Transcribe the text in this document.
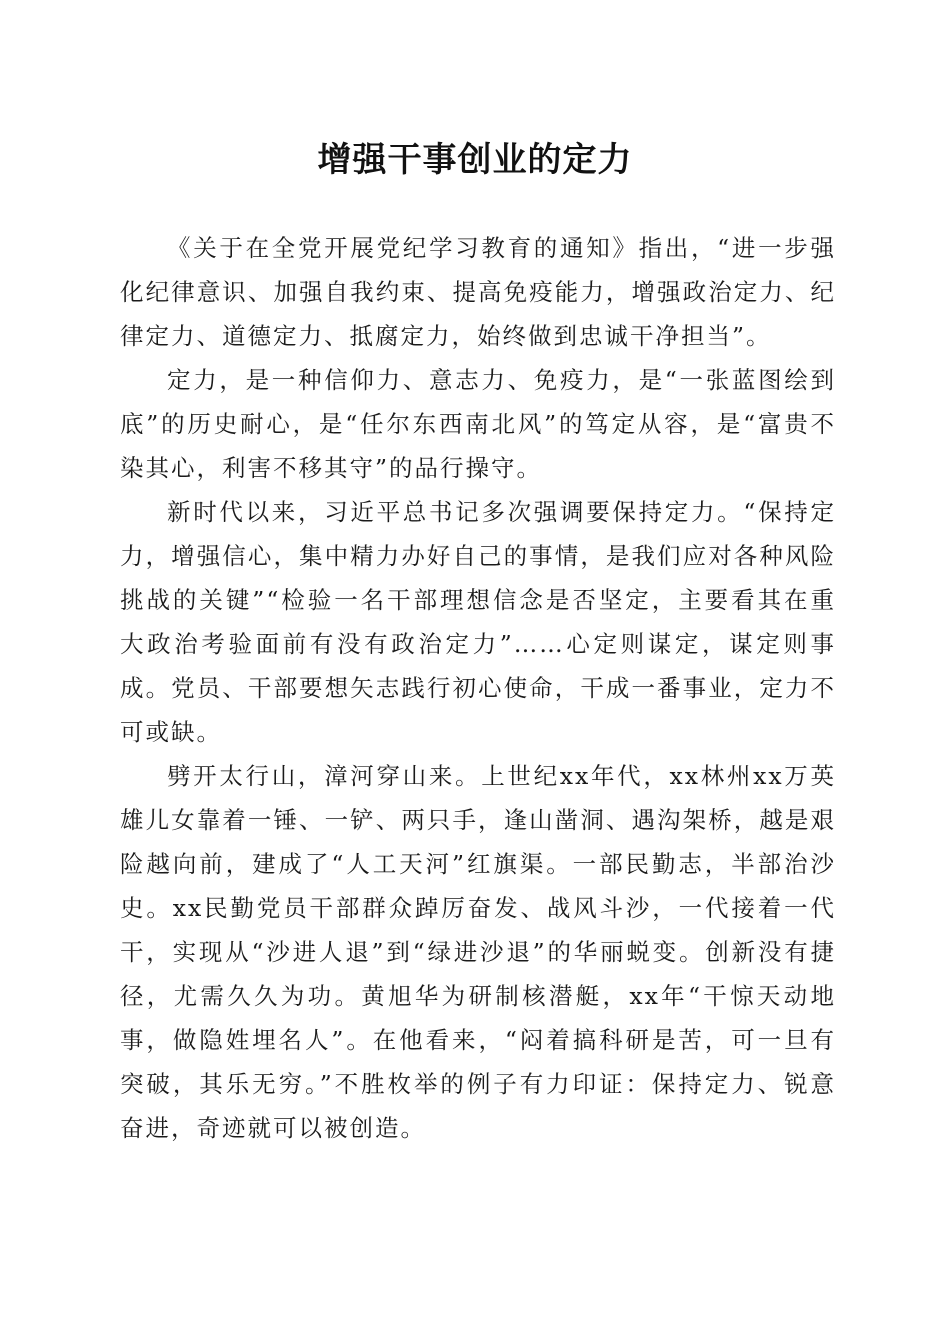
增强干事创业的定力

《关于在全党开展党纪学习教育的通知》指出，“进一步强化纪律意识、加强自我约束、提高免疫能力，增强政治定力、纪律定力、道德定力、抵腐定力，始终做到忠诚干净担当”。

定力，是一种信仰力、意志力、免疫力，是“一张蓝图绘到底”的历史耐心，是“任尔东西南北风”的笃定从容，是“富贵不染其心，利害不移其守”的品行操守。

新时代以来，习近平总书记多次强调要保持定力。“保持定力，增强信心，集中精力办好自己的事情，是我们应对各种风险挑战的关键”“检验一名干部理想信念是否坚定，主要看其在重大政治考验面前有没有政治定力”……心定则谋定，谋定则事成。党员、干部要想矢志践行初心使命，干成一番事业，定力不可或缺。

劈开太行山，漳河穿山来。上世纪xx年代，xx林州xx万英雄儿女靠着一锤、一铲、两只手，逢山凿洞、遇沟架桥，越是艰险越向前，建成了“人工天河”红旗渠。一部民勤志，半部治沙史。xx民勤党员干部群众踔厉奋发、战风斗沙，一代接着一代干，实现从“沙进人退”到“绿进沙退”的华丽蜕变。创新没有捷径，尤需久久为功。黄旭华为研制核潜艇，xx年“干惊天动地事，做隐姓埋名人”。在他看来，“闷着搞科研是苦，可一旦有突破，其乐无穷。”不胜枚举的例子有力印证：保持定力、锐意奋进，奇迹就可以被创造。
